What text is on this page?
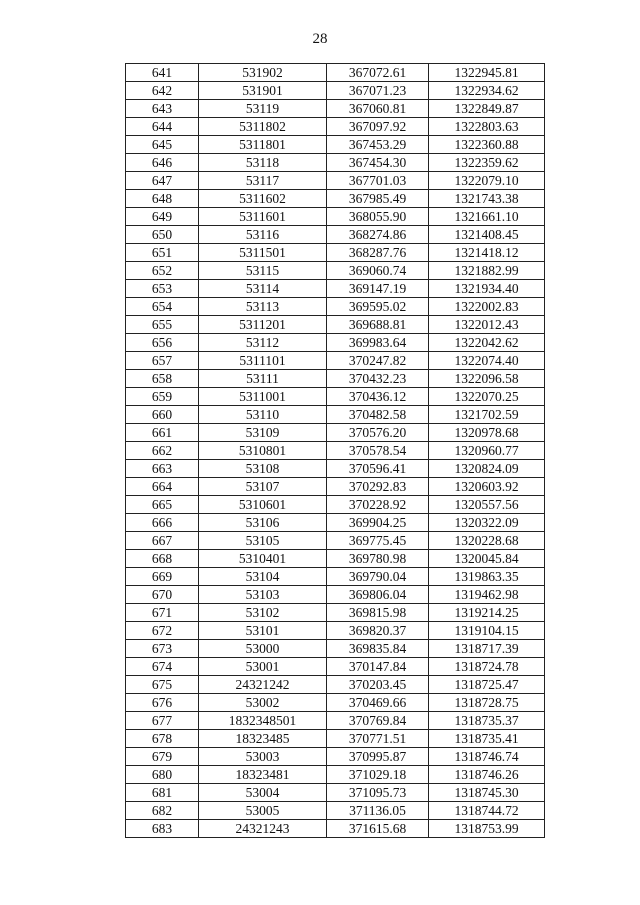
28
641	531902	367072.61	1322945.81
642	531901	367071.23	1322934.62
643	53119	367060.81	1322849.87
644	5311802	367097.92	1322803.63
645	5311801	367453.29	1322360.88
646	53118	367454.30	1322359.62
647	53117	367701.03	1322079.10
648	5311602	367985.49	1321743.38
649	5311601	368055.90	1321661.10
650	53116	368274.86	1321408.45
651	5311501	368287.76	1321418.12
652	53115	369060.74	1321882.99
653	53114	369147.19	1321934.40
654	53113	369595.02	1322002.83
655	5311201	369688.81	1322012.43
656	53112	369983.64	1322042.62
657	5311101	370247.82	1322074.40
658	53111	370432.23	1322096.58
659	5311001	370436.12	1322070.25
660	53110	370482.58	1321702.59
661	53109	370576.20	1320978.68
662	5310801	370578.54	1320960.77
663	53108	370596.41	1320824.09
664	53107	370292.83	1320603.92
665	5310601	370228.92	1320557.56
666	53106	369904.25	1320322.09
667	53105	369775.45	1320228.68
668	5310401	369780.98	1320045.84
669	53104	369790.04	1319863.35
670	53103	369806.04	1319462.98
671	53102	369815.98	1319214.25
672	53101	369820.37	1319104.15
673	53000	369835.84	1318717.39
674	53001	370147.84	1318724.78
675	24321242	370203.45	1318725.47
676	53002	370469.66	1318728.75
677	1832348501	370769.84	1318735.37
678	18323485	370771.51	1318735.41
679	53003	370995.87	1318746.74
680	18323481	371029.18	1318746.26
681	53004	371095.73	1318745.30
682	53005	371136.05	1318744.72
683	24321243	371615.68	1318753.99
